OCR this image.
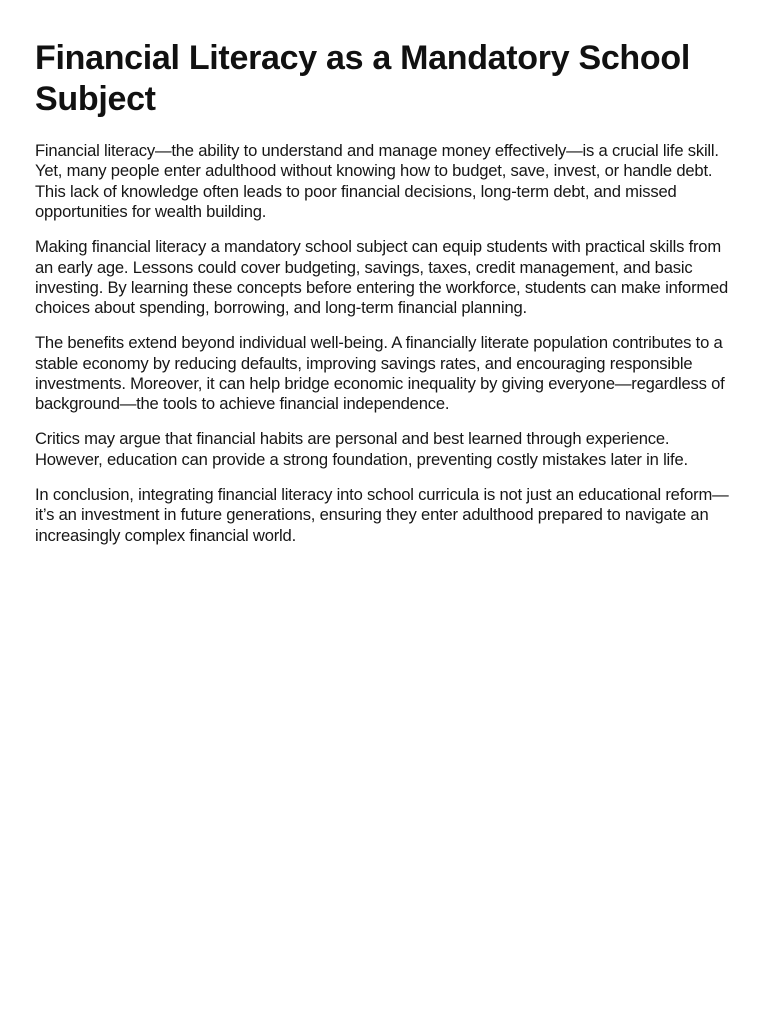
Financial Literacy as a Mandatory School Subject

Financial literacy—the ability to understand and manage money effectively—is a crucial life skill. Yet, many people enter adulthood without knowing how to budget, save, invest, or handle debt. This lack of knowledge often leads to poor financial decisions, long-term debt, and missed opportunities for wealth building.

Making financial literacy a mandatory school subject can equip students with practical skills from an early age. Lessons could cover budgeting, savings, taxes, credit management, and basic investing. By learning these concepts before entering the workforce, students can make informed choices about spending, borrowing, and long-term financial planning.

The benefits extend beyond individual well-being. A financially literate population contributes to a stable economy by reducing defaults, improving savings rates, and encouraging responsible investments. Moreover, it can help bridge economic inequality by giving everyone—regardless of background—the tools to achieve financial independence.

Critics may argue that financial habits are personal and best learned through experience. However, education can provide a strong foundation, preventing costly mistakes later in life.

In conclusion, integrating financial literacy into school curricula is not just an educational reform—it’s an investment in future generations, ensuring they enter adulthood prepared to navigate an increasingly complex financial world.
